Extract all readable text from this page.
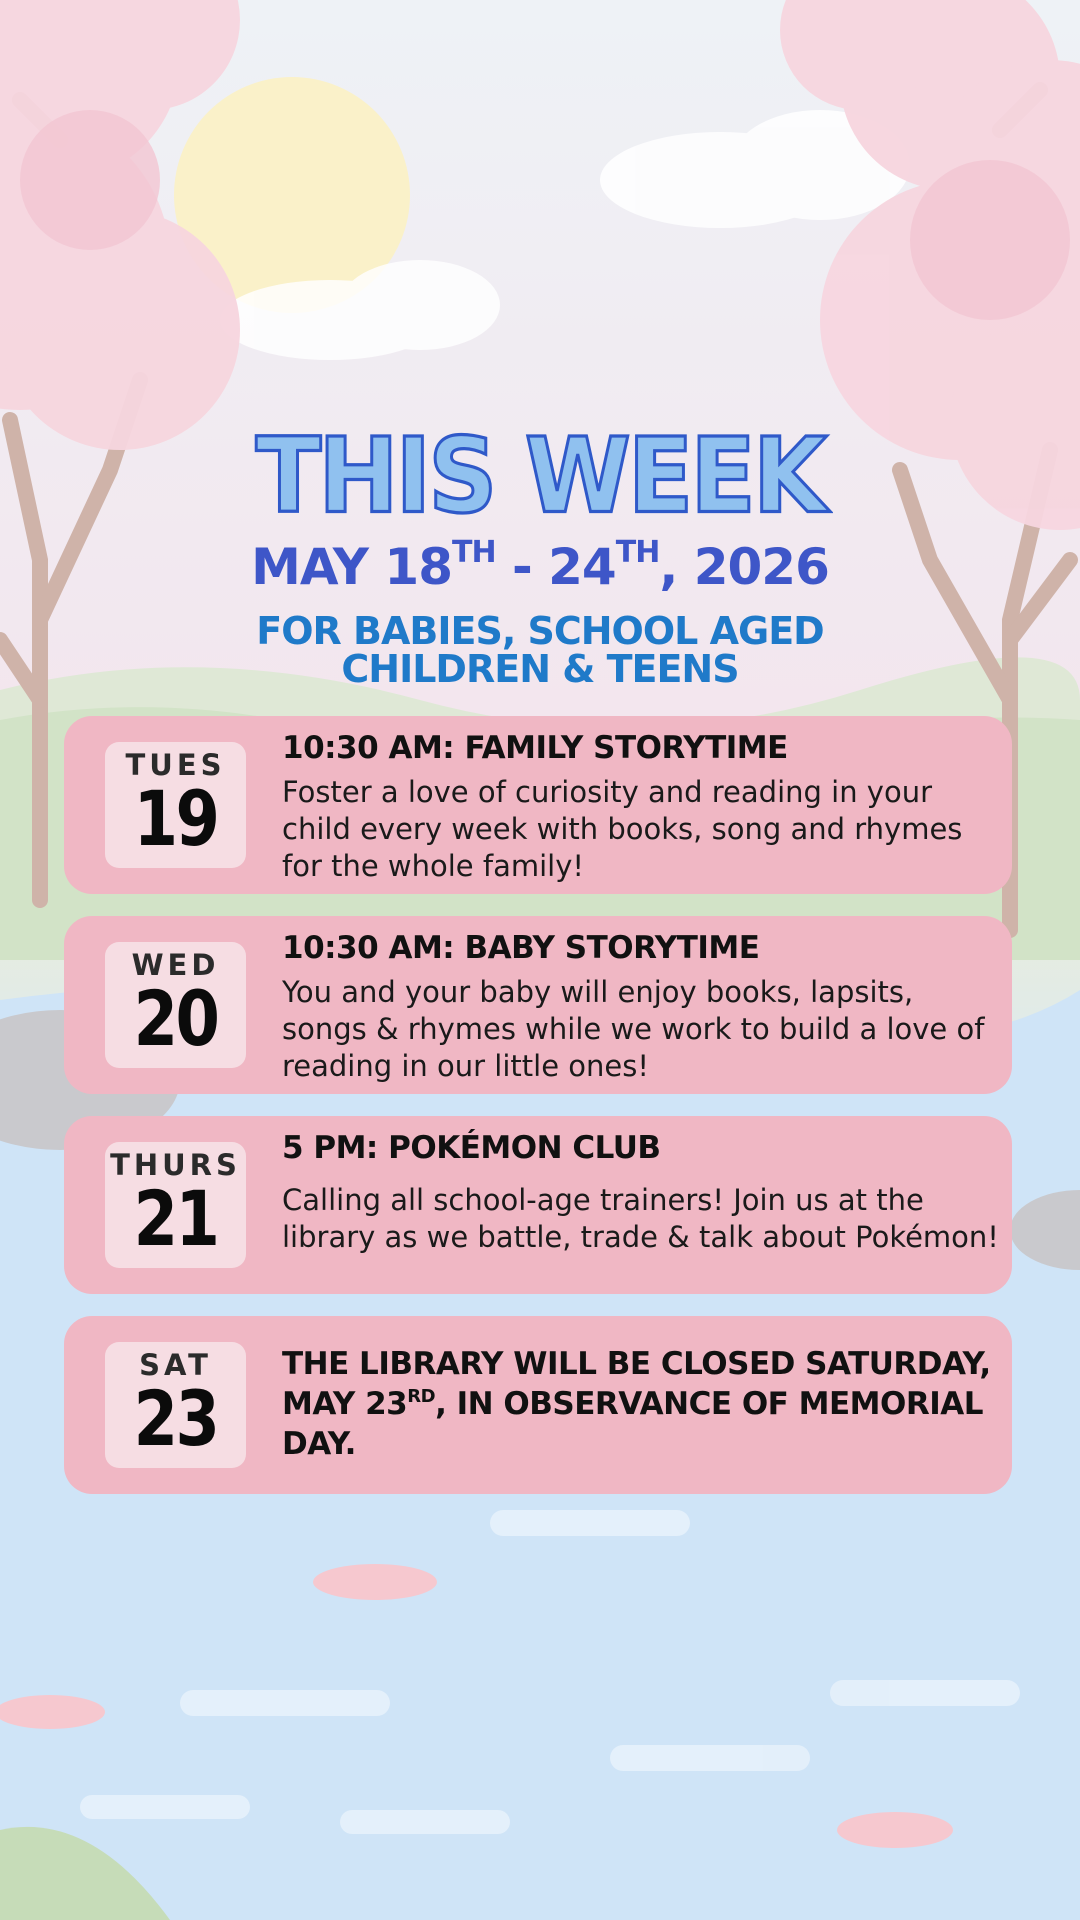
THIS WEEK
MAY 18TH - 24TH, 2026
FOR BABIES, SCHOOL AGED
CHILDREN & TEENS
TUES
19
10:30 AM: FAMILY STORYTIME
Foster a love of curiosity and reading in your child every week with books, song and rhymes for the whole family!
WED
20
10:30 AM: BABY STORYTIME
You and your baby will enjoy books, lapsits, songs & rhymes while we work to build a love of reading in our little ones!
THURS
21
5 PM: POKÉMON CLUB
Calling all school-age trainers! Join us at the library as we battle, trade & talk about Pokémon!
SAT
23
THE LIBRARY WILL BE CLOSED SATURDAY, MAY 23RD, IN OBSERVANCE OF MEMORIAL DAY.
